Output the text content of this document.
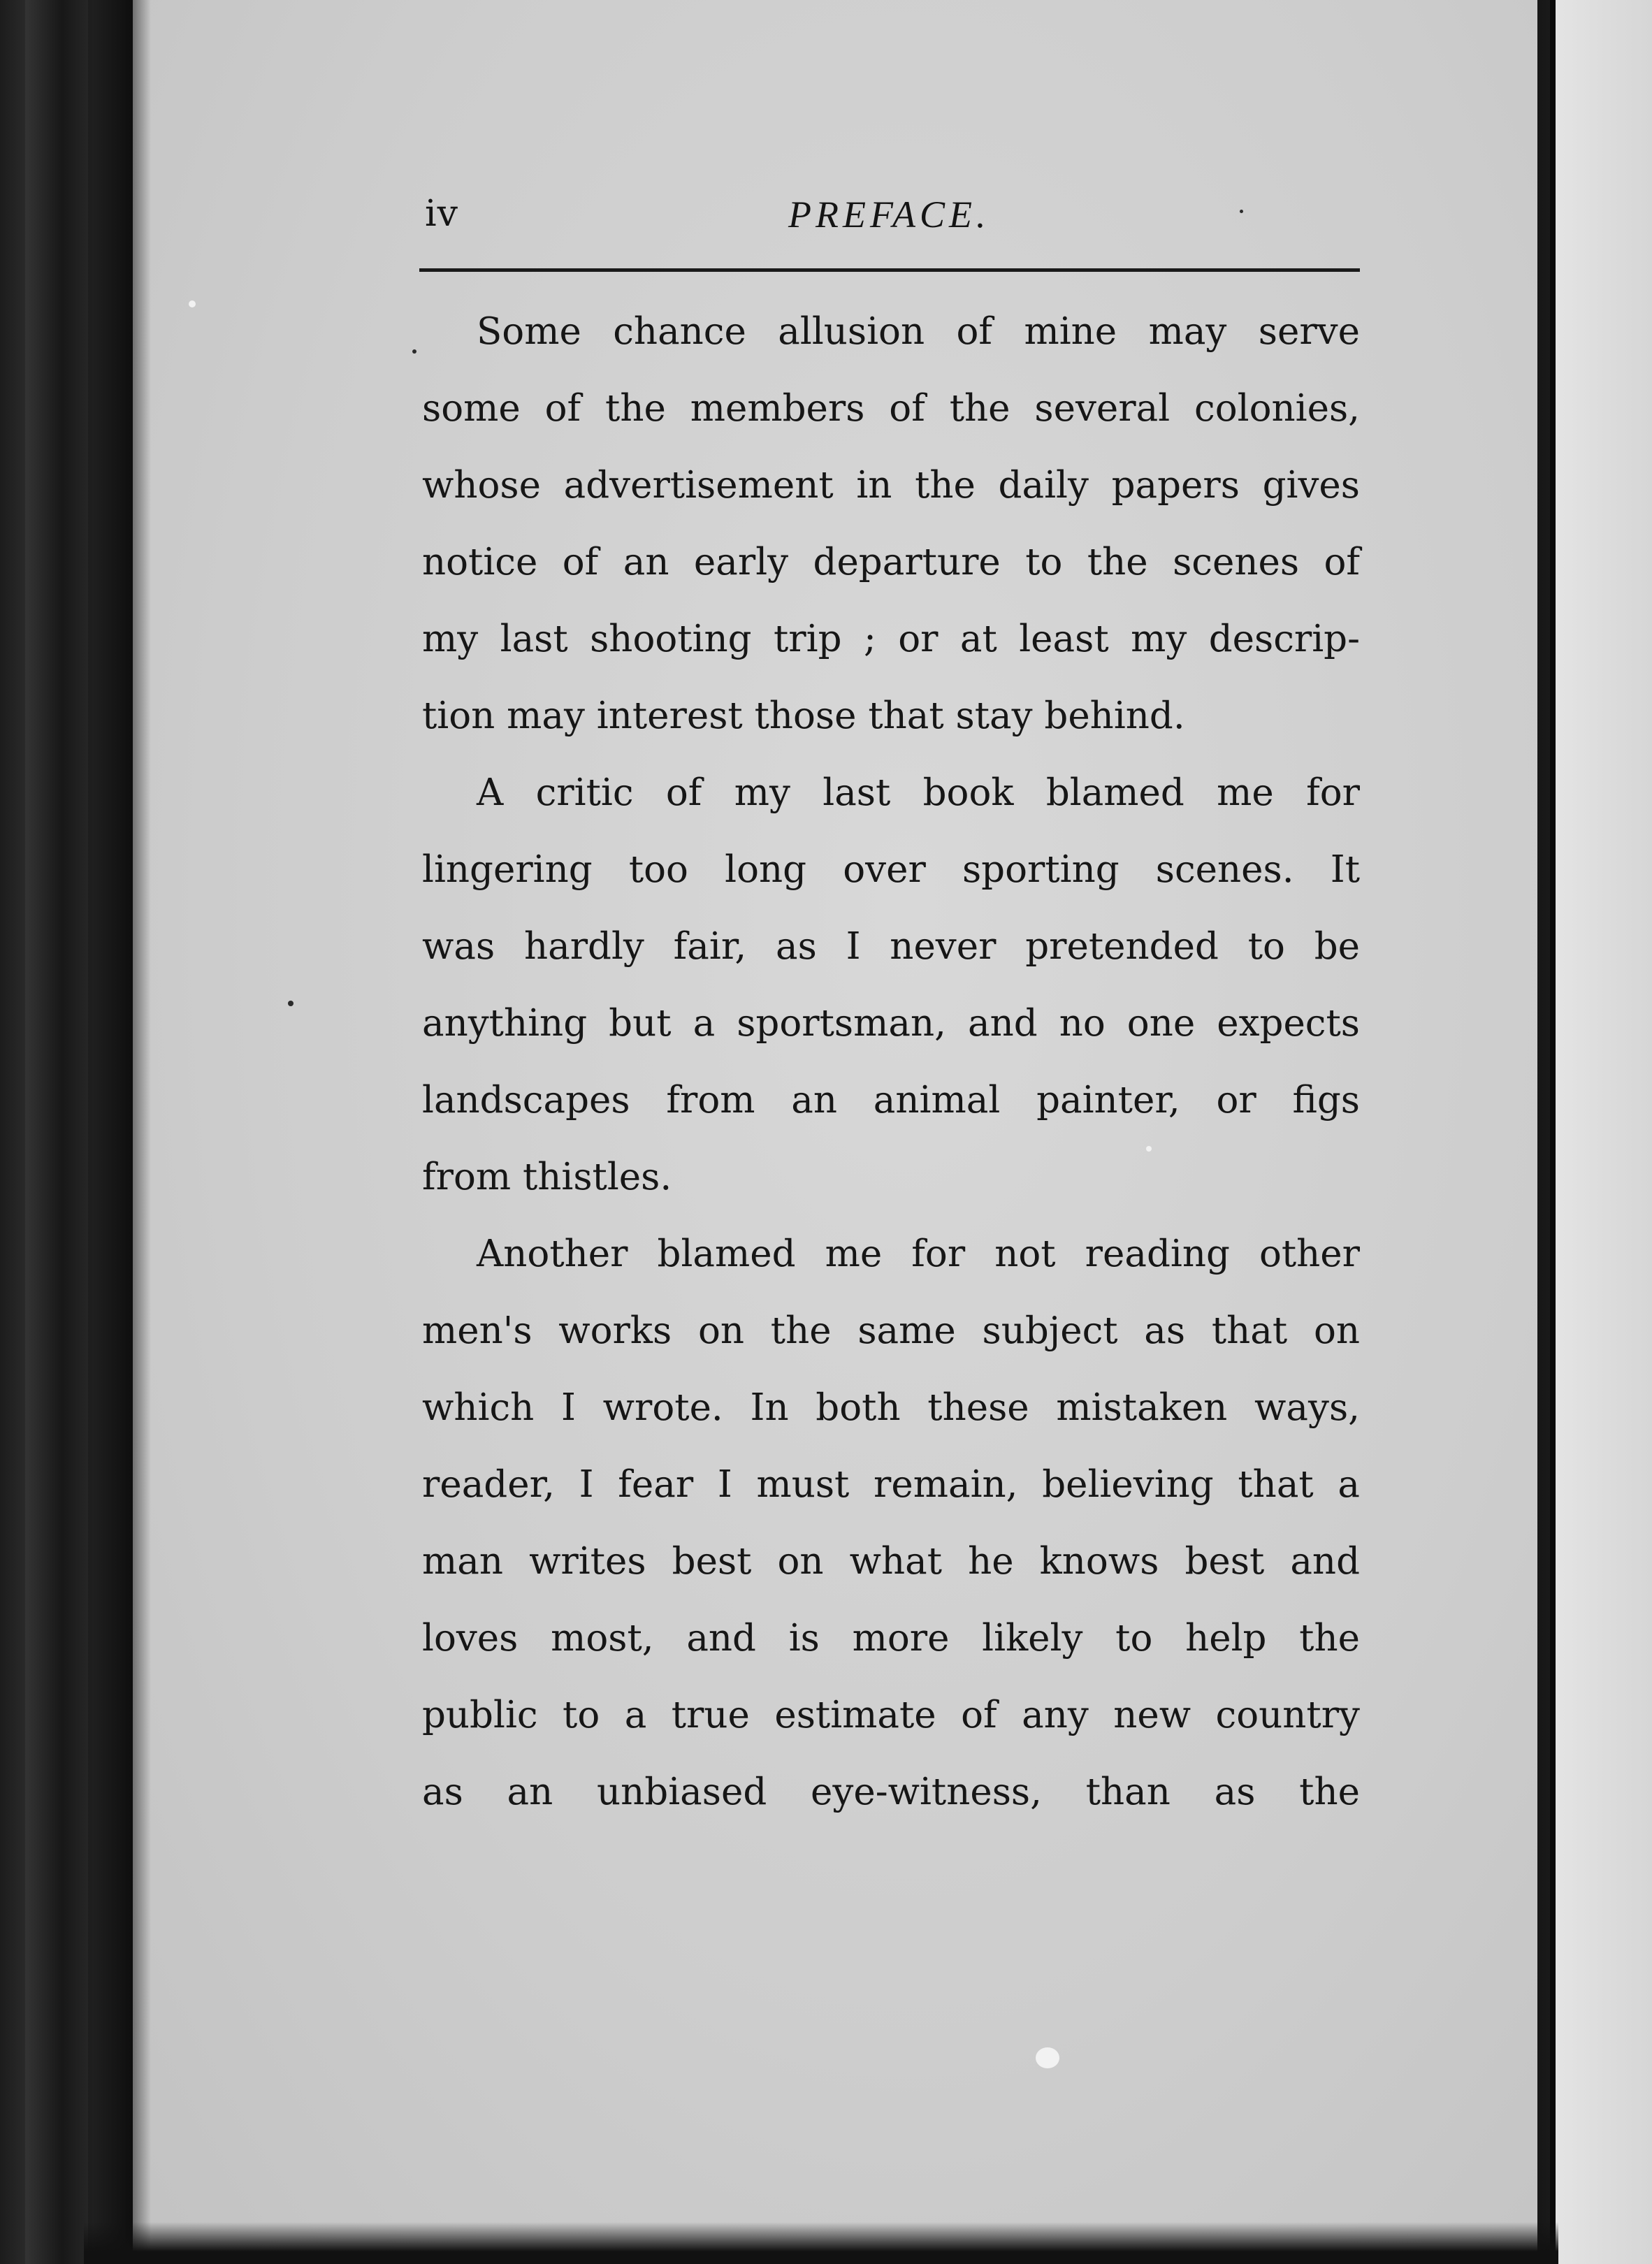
iv	PREFACE.
Some chance allusion of mine may serve
some of the members of the several colonies,
whose advertisement in the daily papers gives
notice of an early departure to the scenes of
my last shooting trip ; or at least my descrip-
tion may interest those that stay behind.
A critic of my last book blamed me for
lingering too long over sporting scenes. It
was hardly fair, as I never pretended to be
anything but a sportsman, and no one expects
landscapes from an animal painter, or figs
from thistles.
Another blamed me for not reading other
men's works on the same subject as that on
which I wrote. In both these mistaken ways,
reader, I fear I must remain, believing that a
man writes best on what he knows best and
loves most, and is more likely to help the
public to a true estimate of any new country
as an unbiased eye-witness, than as the
